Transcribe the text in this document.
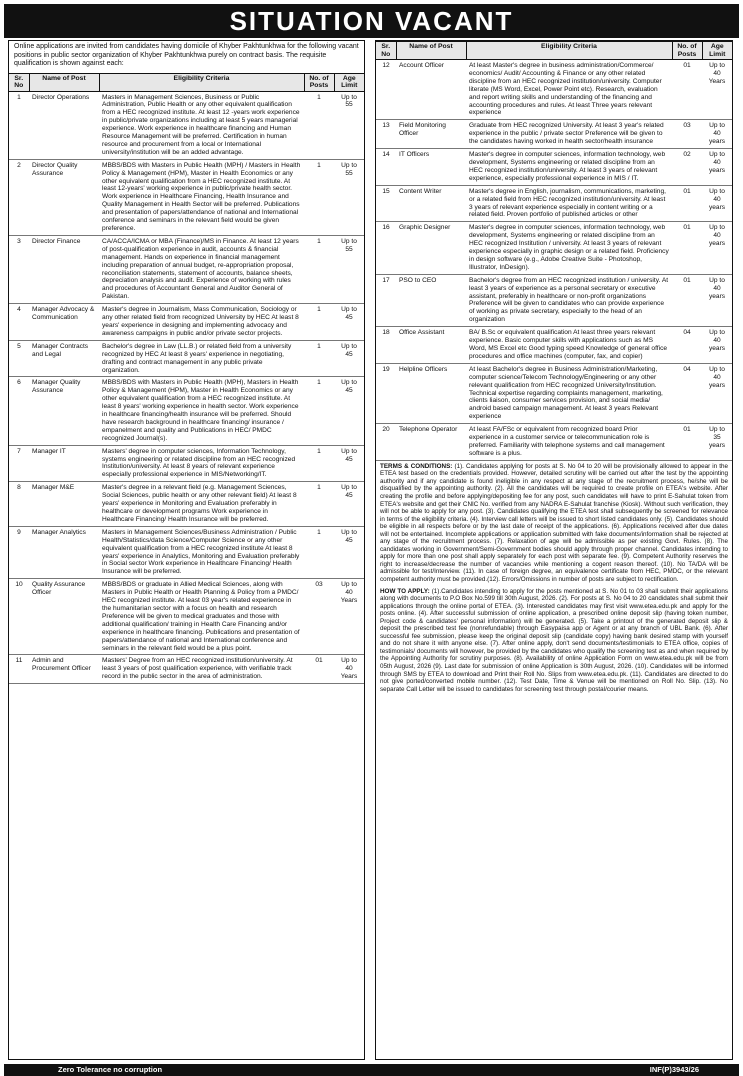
SITUATION VACANT

Online applications are invited from candidates having domicile of Khyber Pakhtunkhwa for the following vacant positions in public sector organization of Khyber Pakhtunkhwa purely on contract basis. The requisite qualification is shown against each:

Sr. No	Name of Post	Eligibility Criteria	No. of Posts	Age Limit
1	Director Operations	Masters in Management Sciences, Business or Public Administration, Public Health or any other equivalent qualification from a HEC recognized institute. At least 12 -years work experience in public/private organizations including at least 5 years managerial experience. Work experience in healthcare financing and Human Resource Management will be preferred. Certification in human resource and procurement from a local or International university/institution will be an added advantage.	1	Up to 55
2	Director Quality Assurance	MBBS/BDS with Masters in Public Health (MPH) / Masters in Health Policy & Management (HPM), Master in Health Economics or any other equivalent qualification from a HEC recognized institute. At least 12-years' working experience in public/private health sector. Work experience in Healthcare Financing, Health Insurance and Quality Management in Health Sector will be preferred. Publications and presentation of papers/attendance of national and International conference and seminars in the relevant field would be given preference.	1	Up to 55
3	Director Finance	CA/ACCA/ICMA or MBA (Finance)/MS in Finance. At least 12 years of post-qualification experience in audit, accounts & financial management. Hands on experience in financial management including preparation of annual budget, re-appropriation proposal, reconciliation statements, statement of accounts, balance sheets, depreciation analysis and audit. Experience of working with rules and procedures of Accountant General and Auditor General of Pakistan.	1	Up to 55
4	Manager Advocacy & Communication	Master's degree in Journalism, Mass Communication, Sociology or any other related field from recognized University by HEC At least 8 years' experience in designing and implementing advocacy and awareness campaigns in public and/or private sector projects.	1	Up to 45
5	Manager Contracts and Legal	Bachelor's degree in Law (LL.B.) or related field from a university recognized by HEC At least 8 years' experience in negotiating, drafting and contract management in any public private organization.	1	Up to 45
6	Manager Quality Assurance	MBBS/BDS with Masters in Public Health (MPH), Masters in Health Policy & Management (HPM), Master in Health Economics or any other equivalent qualification from a HEC recognized institute. At least 8 years' working experience in health sector. Work experience in healthcare financing/health insurance will be preferred. Should have research background in healthcare financing/ insurance / empanelment and quality and Publications in HEC/ PMDC recognized Journal(s).	1	Up to 45
7	Manager IT	Masters' degree in computer sciences, Information Technology, systems engineering or related discipline from an HEC recognized Institution/university. At least 8 years of relevant experience especially professional experience in MIS/Networking/IT.	1	Up to 45
8	Manager M&E	Master's degree in a relevant field (e.g. Management Sciences, Social Sciences, public health or any other relevant field) At least 8 years' experience in Monitoring and Evaluation preferably in healthcare or development programs Work experience in Healthcare Financing/ Health Insurance will be preferred.	1	Up to 45
9	Manager Analytics	Masters in Management Sciences/Business Administration / Public Health/Statistics/data Science/Computer Science or any other equivalent qualification from a HEC recognized institute At least 8 years' experience in Analytics, Monitoring and Evaluation preferably in Social sector Work experience in Healthcare Financing/ Health Insurance will be preferred.	1	Up to 45
10	Quality Assurance Officer	MBBS/BDS or graduate in Allied Medical Sciences, along with Masters in Public Health or Health Planning & Policy from a PMDC/ HEC recognized institute. At least 03 year's related experience in the humanitarian sector with a focus on health and research Preference will be given to medical graduates and those with additional qualification/ training in Health Care Financing and/or experience in healthcare financing. Publications and presentation of papers/attendance of national and International conference and seminars in the relevant field would be a plus point.	03	Up to 40 Years
11	Admin and Procurement Officer	Masters' Degree from an HEC recognized institution/university. At least 3 years of post qualification experience, with verifiable track record in the public sector in the area of administration.	01	Up to 40 Years
Sr. No	Name of Post	Eligibility Criteria	No. of Posts	Age Limit
12	Account Officer	At least Master's degree in business administration/Commerce/ economics/ Audit/ Accounting & Finance or any other related discipline from an HEC recognized institution/university. Computer literate (MS Word, Excel, Power Point etc). Research, evaluation and report writing skills and understanding of the financing and accounting procedures and rules. At least Three years relevant experience	01	Up to 40 Years
13	Field Monitoring Officer	Graduate from HEC recognized University. At least 3 year's related experience in the public / private sector Preference will be given to the candidates having worked in health sector/health insurance	03	Up to 40 years
14	IT Officers	Master's degree in computer sciences, information technology, web development, Systems engineering or related discipline from an HEC recognized institution/university. At least 3 years of relevant experience, especially professional experience in MIS / IT.	02	Up to 40 years
15	Content Writer	Master's degree in English, journalism, communications, marketing, or a related field from HEC recognized institution/university. At least 3 years of relevant experience especially in content writing or a related field. Proven portfolio of published articles or other	01	Up to 40 years
16	Graphic Designer	Master's degree in computer sciences, information technology, web development, Systems engineering or related discipline from an HEC recognized Institution / university. At least 3 years of relevant experience especially in graphic design or a related field. Proficiency in design software (e.g., Adobe Creative Suite - Photoshop, Illustrator, InDesign).	01	Up to 40 years
17	PSO to CEO	Bachelor's degree from an HEC recognized institution / university. At least 3 years of experience as a personal secretary or executive assistant, preferably in healthcare or non-profit organizations Preference will be given to candidates who can provide experience of working as private secretary, especially to the head of an organization	01	Up to 40 years
18	Office Assistant	BA/ B.Sc or equivalent qualification At least three years relevant experience. Basic computer skills with applications such as MS Word, MS Excel etc Good typing speed Knowledge of general office procedures and office machines (computer, fax, and copier)	04	Up to 40 years
19	Helpline Officers	At least Bachelor's degree in Business Administration/Marketing, computer science/Telecom Technology/Engineering or any other relevant qualification from HEC recognized University/Institution. Technical expertise regarding complaints management, marketing, clients liaison, consumer services provision, and social media/ android based campaign management. At least 3 years Relevant experience	04	Up to 40 years
20	Telephone Operator	At least FA/FSc or equivalent from recognized board Prior experience in a customer service or telecommunication role is preferred. Familiarity with telephone systems and call management software is a plus.	01	Up to 35 years
TERMS & CONDITIONS: (1). Candidates applying for posts at S. No 04 to 20 will be provisionally allowed to appear in the ETEA test based on the credentials provided. However, detailed scrutiny will be carried out after the test by the appointing authority and if any candidate is found ineligible in any respect at any stage of the recruitment process, he/she will be disqualified by the appointing authority. (2). All the candidates will be required to create profile on ETEA's website. After creating the profile and before applying/depositing fee for any post, such candidates will have to print E-Sahulat token from ETEA's website and get their CNIC No. verified from any NADRA E-Sahulat franchise (Kiosk). Without such verification, they will not be able to apply for any post. (3). Candidates qualifying the ETEA test shall subsequently be screened for relevance in terms of the eligibility criteria. (4). Interview call letters will be issued to short listed candidates only. (5). Candidates should be eligible in all respects before or by the last date of receipt of the applications. (6). Applications received after due dates will not be entertained. Incomplete applications or application submitted with fake documents/information shall be rejected at any stage of the recruitment process. (7). Relaxation of age will be admissible as per existing Govt. Rules. (8). The candidates working in Government/Semi-Government bodies should apply through proper channel. Candidates intending to apply for more than one post shall apply separately for each post with separate fee. (9). Competent Authority reserves the right to increase/decrease the number of vacancies while mentioning a cogent reason thereof. (10). No TA/DA will be admissible for test/Interview. (11). In case of foreign degree, an equivalence certificate from HEC, PMDC, or the relevant competent authority must be provided.(12). Errors/Omissions in number of posts are subject to rectification.
HOW TO APPLY: (1).Candidates intending to apply for the posts mentioned at S. No 01 to 03 shall submit their applications along with documents to P.O Box No.599 till 30th August, 2026. (2). For posts at S. No 04 to 20 candidates shall submit their applications through the online portal of ETEA. (3). Interested candidates may first visit www.etea.edu.pk and apply for the posts online. (4). After successful submission of online application, a prescribed online deposit slip (having token number, Project code & candidates' personal information) will be generated. (5). Take a printout of the generated deposit slip & deposit the prescribed test fee (nonrefundable) through Easypaisa app or Agent or at any branch of UBL Bank. (6). After successful fee submission, please keep the original deposit slip (candidate copy) having bank desired stamp with yourself and do not share it with anyone else. (7). After online apply, don't send documents/testimonials to ETEA office, copies of testimonials/ documents will however, be provided by the candidates who qualify the screening test as and when required by the Appointing Authority for scrutiny purposes. (8). Availability of online Application Form on www.etea.edu.pk will be from 05th August, 2026 (9). Last date for submission of online Application is 30th August, 2026. (10). Candidates will be informed through SMS by ETEA to download and Print their Roll No. Slips from www.etea.edu.pk. (11). Candidates are directed to do not give ported/converted mobile number. (12). Test Date, Time & Venue will be mentioned on Roll No. Slip. (13). No separate Call Letter will be issued to candidates for screening test through postal/courier means.
Zero Tolerance no corruption	INF(P)3943/26
